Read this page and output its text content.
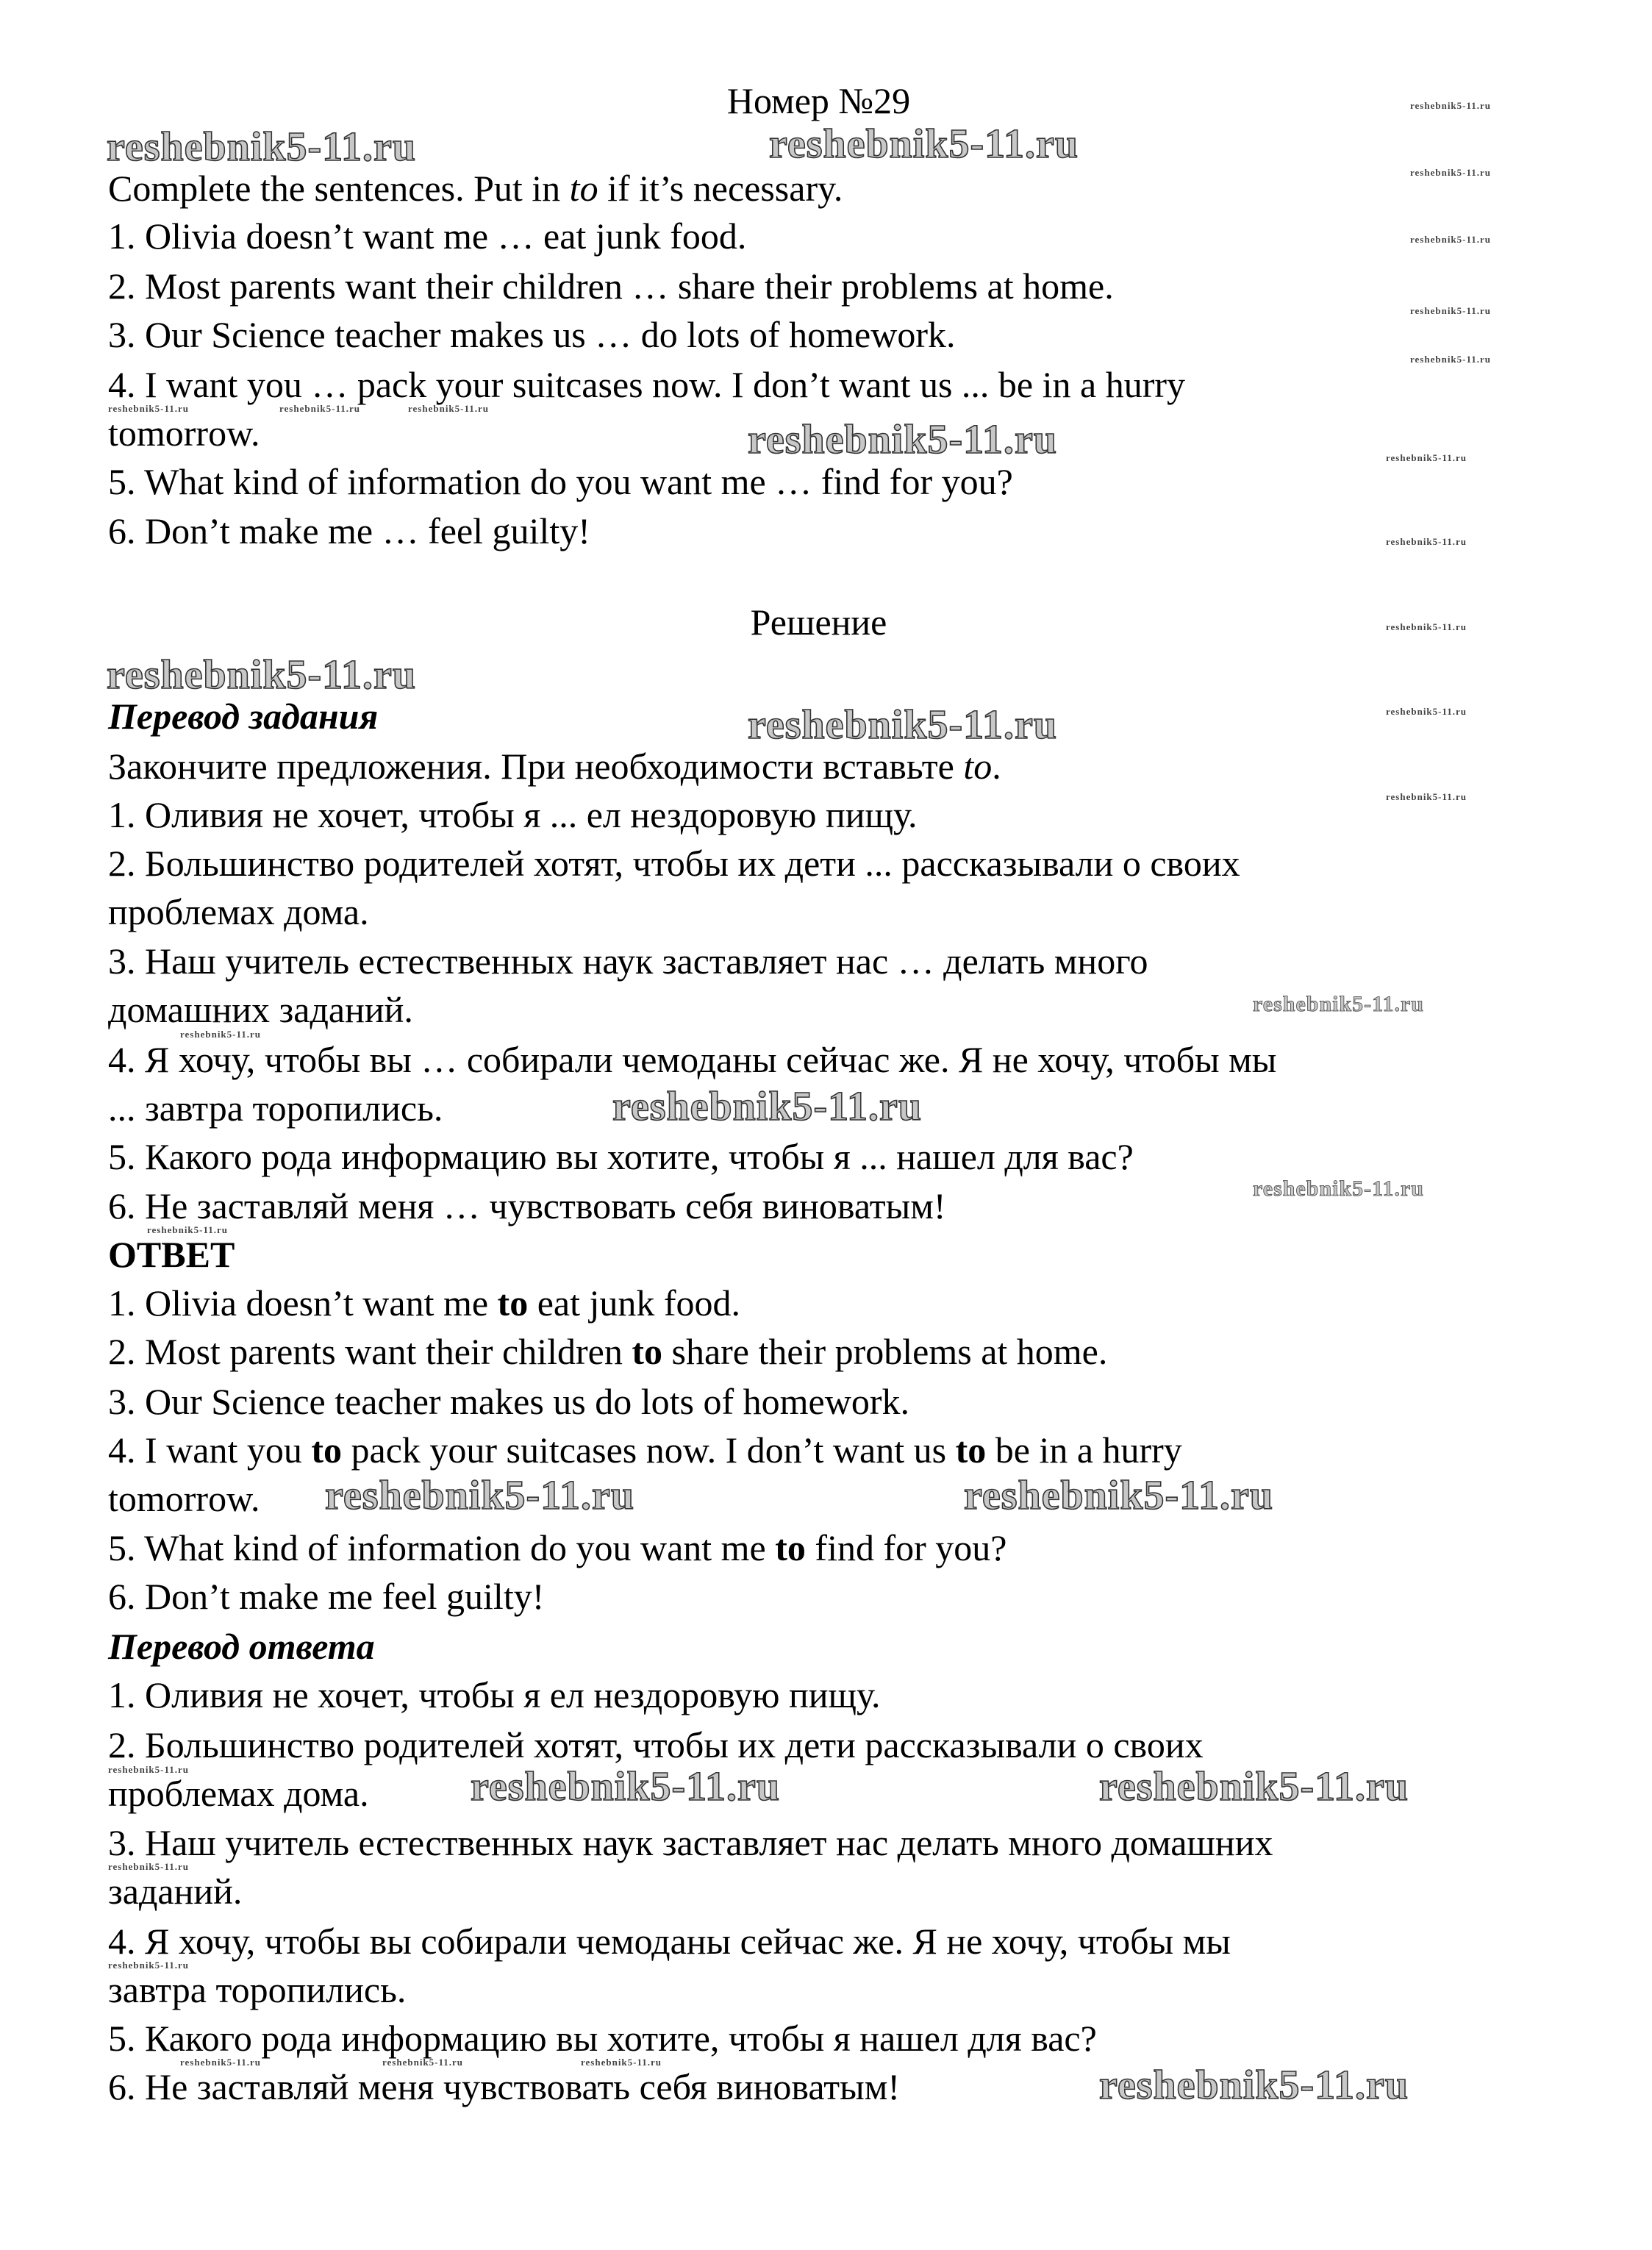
Номер №29
Complete the sentences. Put in to if it’s necessary.
1. Olivia doesn’t want me … eat junk food.
2. Most parents want their children … share their problems at home.
3. Our Science teacher makes us … do lots of homework.
4. I want you … pack your suitcases now. I don’t want us ... be in a hurry
tomorrow.
5. What kind of information do you want me … find for you?
6. Don’t make me … feel guilty!
Решение
Перевод задания
Закончите предложения. При необходимости вставьте to.
1. Оливия не хочет, чтобы я ... ел нездоровую пищу.
2. Большинство родителей хотят, чтобы их дети ... рассказывали о своих
проблемах дома.
3. Наш учитель естественных наук заставляет нас … делать много
домашних заданий.
4. Я хочу, чтобы вы … собирали чемоданы сейчас же. Я не хочу, чтобы мы
... завтра торопились.
5. Какого рода информацию вы хотите, чтобы я ... нашел для вас?
6. Не заставляй меня … чувствовать себя виноватым!
ОТВЕТ
1. Olivia doesn’t want me to eat junk food.
2. Most parents want their children to share their problems at home.
3. Our Science teacher makes us do lots of homework.
4. I want you to pack your suitcases now. I don’t want us to be in a hurry
tomorrow.
5. What kind of information do you want me to find for you?
6. Don’t make me feel guilty!
Перевод ответа
1. Оливия не хочет, чтобы я ел нездоровую пищу.
2. Большинство родителей хотят, чтобы их дети рассказывали о своих
проблемах дома.
3. Наш учитель естественных наук заставляет нас делать много домашних
заданий.
4. Я хочу, чтобы вы собирали чемоданы сейчас же. Я не хочу, чтобы мы
завтра торопились.
5. Какого рода информацию вы хотите, чтобы я нашел для вас?
6. Не заставляй меня чувствовать себя виноватым!
reshebnik5-11.ru	reshebnik5-11.ru
reshebnik5-11.ru
reshebnik5-11.ru
reshebnik5-11.ru
reshebnik5-11.ru
reshebnik5-11.ru	reshebnik5-11.ru
reshebnik5-11.ru	reshebnik5-11.ru
reshebnik5-11.ru
reshebnik5-11.ru
reshebnik5-11.ru
reshebnik5-11.ru
reshebnik5-11.ru
reshebnik5-11.ru
reshebnik5-11.ru
reshebnik5-11.ru
reshebnik5-11.ru
reshebnik5-11.ru
reshebnik5-11.ru
reshebnik5-11.ru
reshebnik5-11.ru
reshebnik5-11.ru	reshebnik5-11.ru	reshebnik5-11.ru
reshebnik5-11.ru
reshebnik5-11.ru
reshebnik5-11.ru
reshebnik5-11.ru
reshebnik5-11.ru
reshebnik5-11.ru	reshebnik5-11.ru	reshebnik5-11.ru
